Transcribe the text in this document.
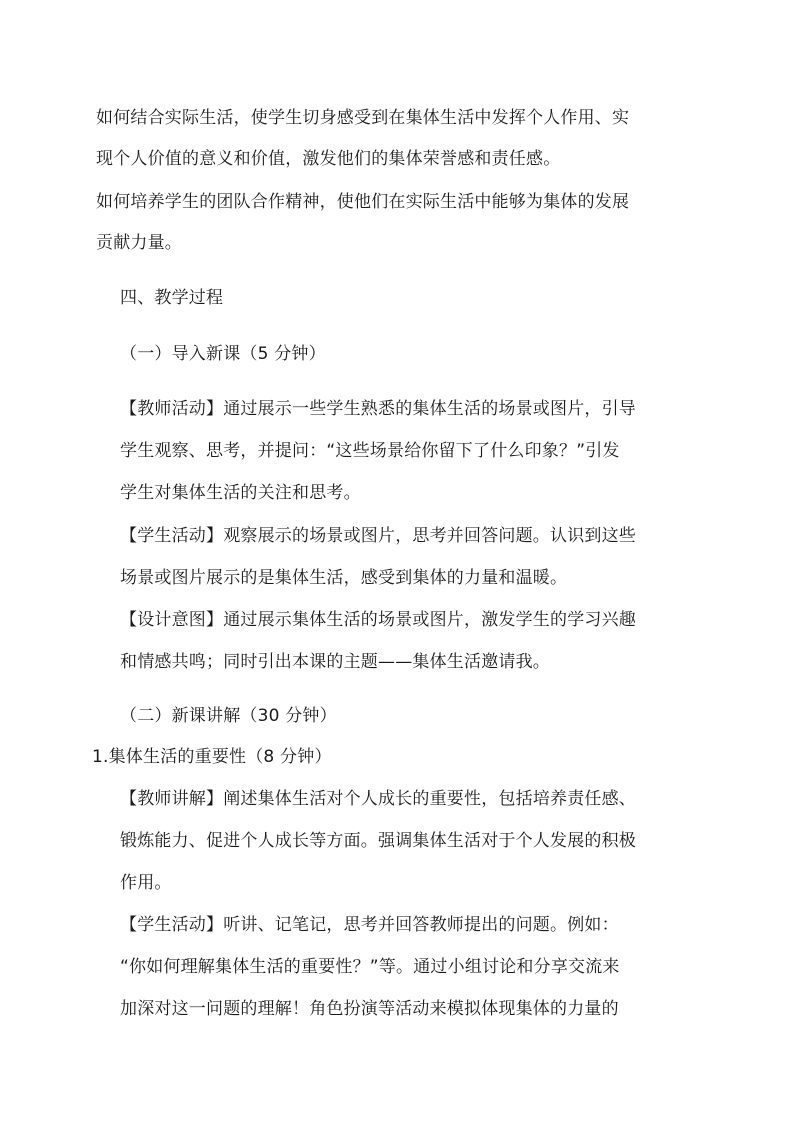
如何结合实际生活，使学生切身感受到在集体生活中发挥个人作用、实
现个人价值的意义和价值，激发他们的集体荣誉感和责任感。
如何培养学生的团队合作精神，使他们在实际生活中能够为集体的发展
贡献力量。
四、教学过程
（一）导入新课（5 分钟）
【教师活动】通过展示一些学生熟悉的集体生活的场景或图片，引导
学生观察、思考，并提问：“这些场景给你留下了什么印象？”引发
学生对集体生活的关注和思考。
【学生活动】观察展示的场景或图片，思考并回答问题。认识到这些
场景或图片展示的是集体生活，感受到集体的力量和温暖。
【设计意图】通过展示集体生活的场景或图片，激发学生的学习兴趣
和情感共鸣；同时引出本课的主题——集体生活邀请我。
（二）新课讲解（30 分钟）
1.集体生活的重要性（8 分钟）
【教师讲解】阐述集体生活对个人成长的重要性，包括培养责任感、
锻炼能力、促进个人成长等方面。强调集体生活对于个人发展的积极
作用。
【学生活动】听讲、记笔记，思考并回答教师提出的问题。例如：
“你如何理解集体生活的重要性？”等。通过小组讨论和分享交流来
加深对这一问题的理解！角色扮演等活动来模拟体现集体的力量的
